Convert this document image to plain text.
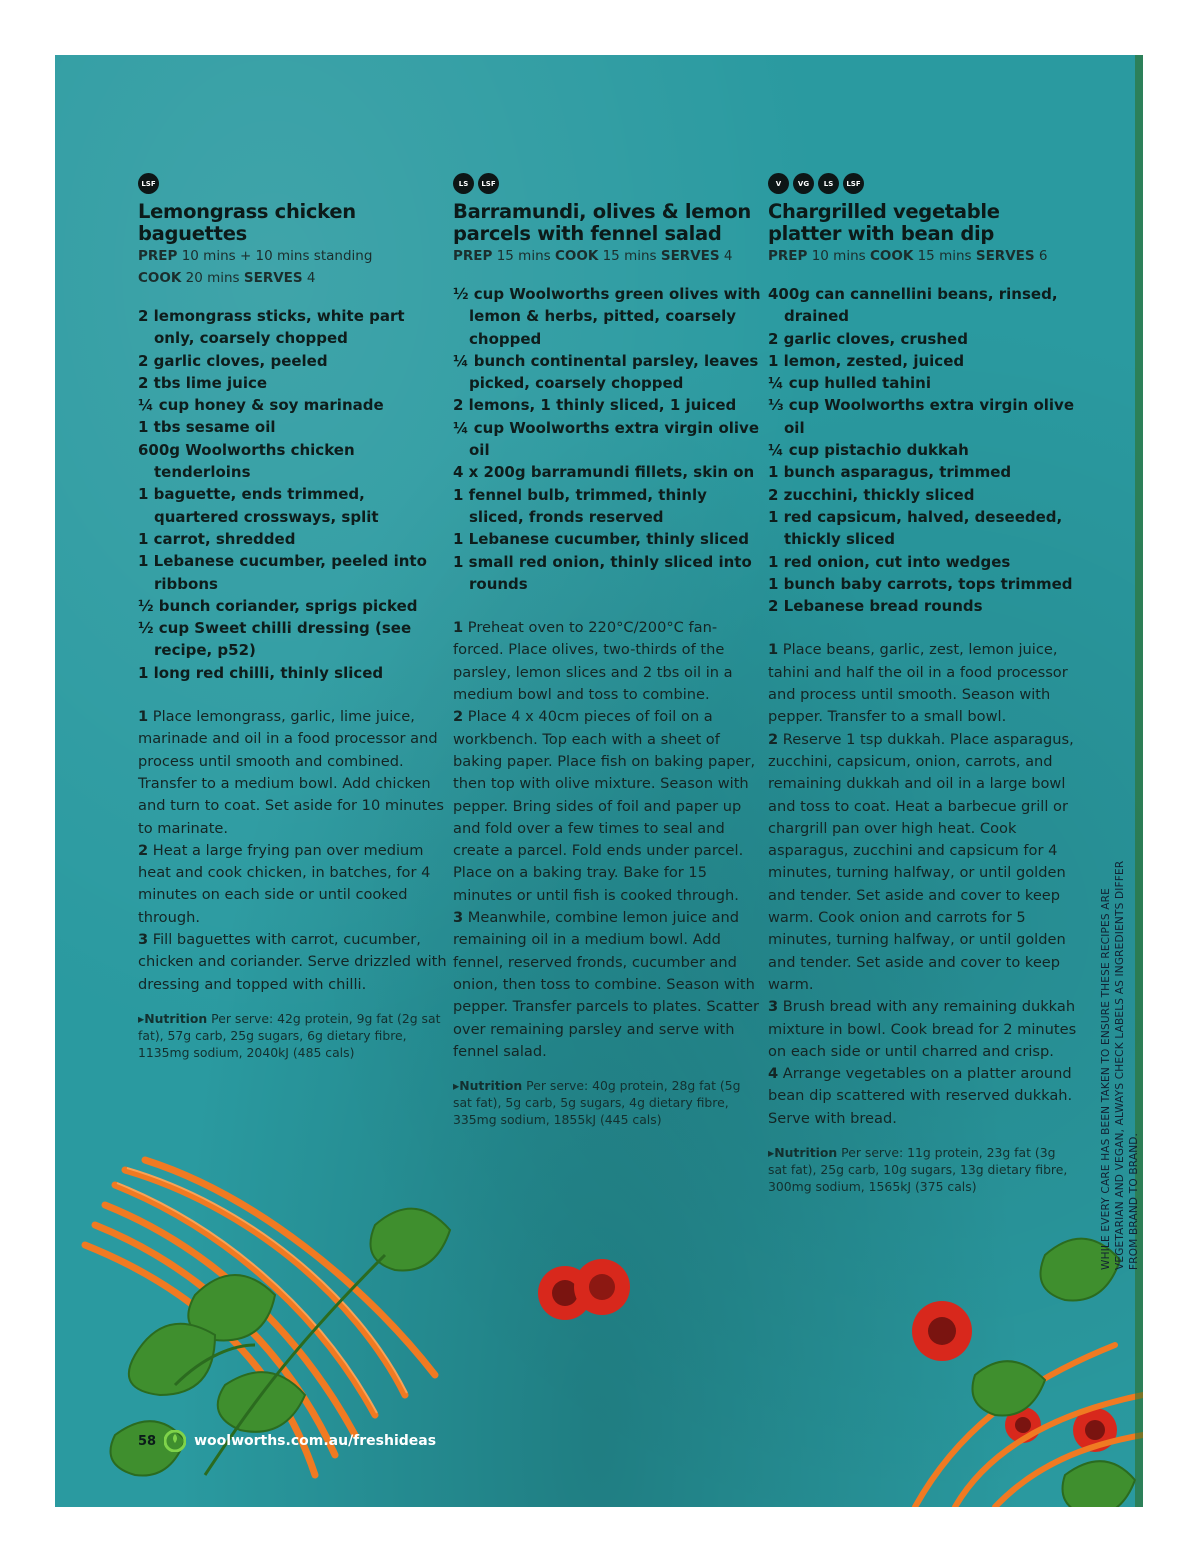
LSF
Lemongrass chicken baguettes
PREP 10 mins + 10 mins standing
COOK 20 mins SERVES 4
2 lemongrass sticks, white part only, coarsely chopped
2 garlic cloves, peeled
2 tbs lime juice
¼ cup honey & soy marinade
1 tbs sesame oil
600g Woolworths chicken tenderloins
1 baguette, ends trimmed, quartered crossways, split
1 carrot, shredded
1 Lebanese cucumber, peeled into ribbons
½ bunch coriander, sprigs picked
½ cup Sweet chilli dressing (see recipe, p52)
1 long red chilli, thinly sliced

1 Place lemongrass, garlic, lime juice, marinade and oil in a food processor and process until smooth and combined. Transfer to a medium bowl. Add chicken and turn to coat. Set aside for 10 minutes to marinate.

2 Heat a large frying pan over medium heat and cook chicken, in batches, for 4 minutes on each side or until cooked through.

3 Fill baguettes with carrot, cucumber, chicken and coriander. Serve drizzled with dressing and topped with chilli.

▸Nutrition Per serve: 42g protein, 9g fat (2g sat fat), 57g carb, 25g sugars, 6g dietary fibre, 1135mg sodium, 2040kJ (485 cals)
LS	LSF
Barramundi, olives & lemon parcels with fennel salad
PREP 15 mins COOK 15 mins SERVES 4
½ cup Woolworths green olives with lemon & herbs, pitted, coarsely chopped
¼ bunch continental parsley, leaves picked, coarsely chopped
2 lemons, 1 thinly sliced, 1 juiced
¼ cup Woolworths extra virgin olive oil
4 x 200g barramundi fillets, skin on
1 fennel bulb, trimmed, thinly sliced, fronds reserved
1 Lebanese cucumber, thinly sliced
1 small red onion, thinly sliced into rounds

1 Preheat oven to 220°C/200°C fan-forced. Place olives, two-thirds of the parsley, lemon slices and 2 tbs oil in a medium bowl and toss to combine.

2 Place 4 x 40cm pieces of foil on a workbench. Top each with a sheet of baking paper. Place fish on baking paper, then top with olive mixture. Season with pepper. Bring sides of foil and paper up and fold over a few times to seal and create a parcel. Fold ends under parcel. Place on a baking tray. Bake for 15 minutes or until fish is cooked through.

3 Meanwhile, combine lemon juice and remaining oil in a medium bowl. Add fennel, reserved fronds, cucumber and onion, then toss to combine. Season with pepper. Transfer parcels to plates. Scatter over remaining parsley and serve with fennel salad.

▸Nutrition Per serve: 40g protein, 28g fat (5g sat fat), 5g carb, 5g sugars, 4g dietary fibre, 335mg sodium, 1855kJ (445 cals)
V	VG	LS	LSF
Chargrilled vegetable platter with bean dip
PREP 10 mins COOK 15 mins SERVES 6
400g can cannellini beans, rinsed, drained
2 garlic cloves, crushed
1 lemon, zested, juiced
¼ cup hulled tahini
⅓ cup Woolworths extra virgin olive oil
¼ cup pistachio dukkah
1 bunch asparagus, trimmed
2 zucchini, thickly sliced
1 red capsicum, halved, deseeded, thickly sliced
1 red onion, cut into wedges
1 bunch baby carrots, tops trimmed
2 Lebanese bread rounds

1 Place beans, garlic, zest, lemon juice, tahini and half the oil in a food processor and process until smooth. Season with pepper. Transfer to a small bowl.

2 Reserve 1 tsp dukkah. Place asparagus, zucchini, capsicum, onion, carrots, and remaining dukkah and oil in a large bowl and toss to coat. Heat a barbecue grill or chargrill pan over high heat. Cook asparagus, zucchini and capsicum for 4 minutes, turning halfway, or until golden and tender. Set aside and cover to keep warm. Cook onion and carrots for 5 minutes, turning halfway, or until golden and tender. Set aside and cover to keep warm.

3 Brush bread with any remaining dukkah mixture in bowl. Cook bread for 2 minutes on each side or until charred and crisp.

4 Arrange vegetables on a platter around bean dip scattered with reserved dukkah. Serve with bread.

▸Nutrition Per serve: 11g protein, 23g fat (3g sat fat), 25g carb, 10g sugars, 13g dietary fibre, 300mg sodium, 1565kJ (375 cals)	WHILE EVERY CARE HAS BEEN TAKEN TO ENSURE THESE RECIPES ARE VEGETARIAN AND VEGAN, ALWAYS CHECK LABELS AS INGREDIENTS DIFFER FROM BRAND TO BRAND.
58	woolworths.com.au/freshideas
